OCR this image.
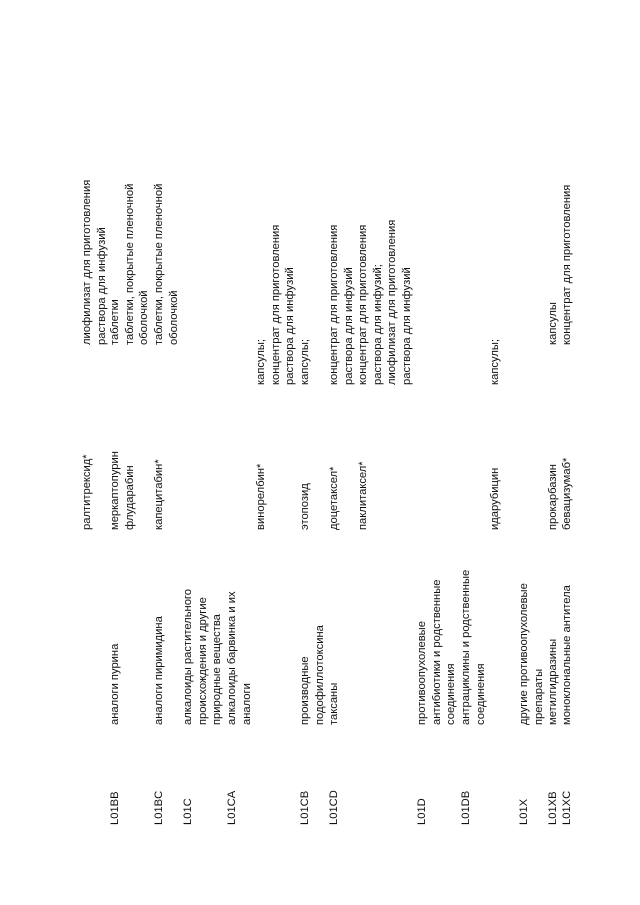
L01BB
аналоги пурина
ралтитрексид*
лиофилизат для приготовления раствора для инфузий
меркаптопурин флударабин
таблетки таблетки, покрытые пленочной оболочкой
L01BC
аналоги пиримидина
капецитабин*
таблетки, покрытые пленочной оболочкой
L01C
алкалоиды растительного происхождения и другие природные вещества
L01CA
алкалоиды барвинка и их аналоги
винорелбин*
капсулы; концентрат для приготовления раствора для инфузий
L01CB
производные подофиллотоксина
этопозид
капсулы;
L01CD
таксаны
доцетаксел*
концентрат для приготовления раствора для инфузий
паклитаксел*
концентрат для приготовления раствора для инфузий; лиофилизат для приготовления раствора для инфузий
L01D
противоопухолевые антибиотики и родственные соединения
L01DB
антрациклины и родственные соединения
идарубицин
капсулы;
L01X
другие противоопухолевые препараты
L01XB
метилгидразины
прокарбазин
капсулы
L01XC
моноклональные антитела
бевацизумаб*
концентрат для приготовления
